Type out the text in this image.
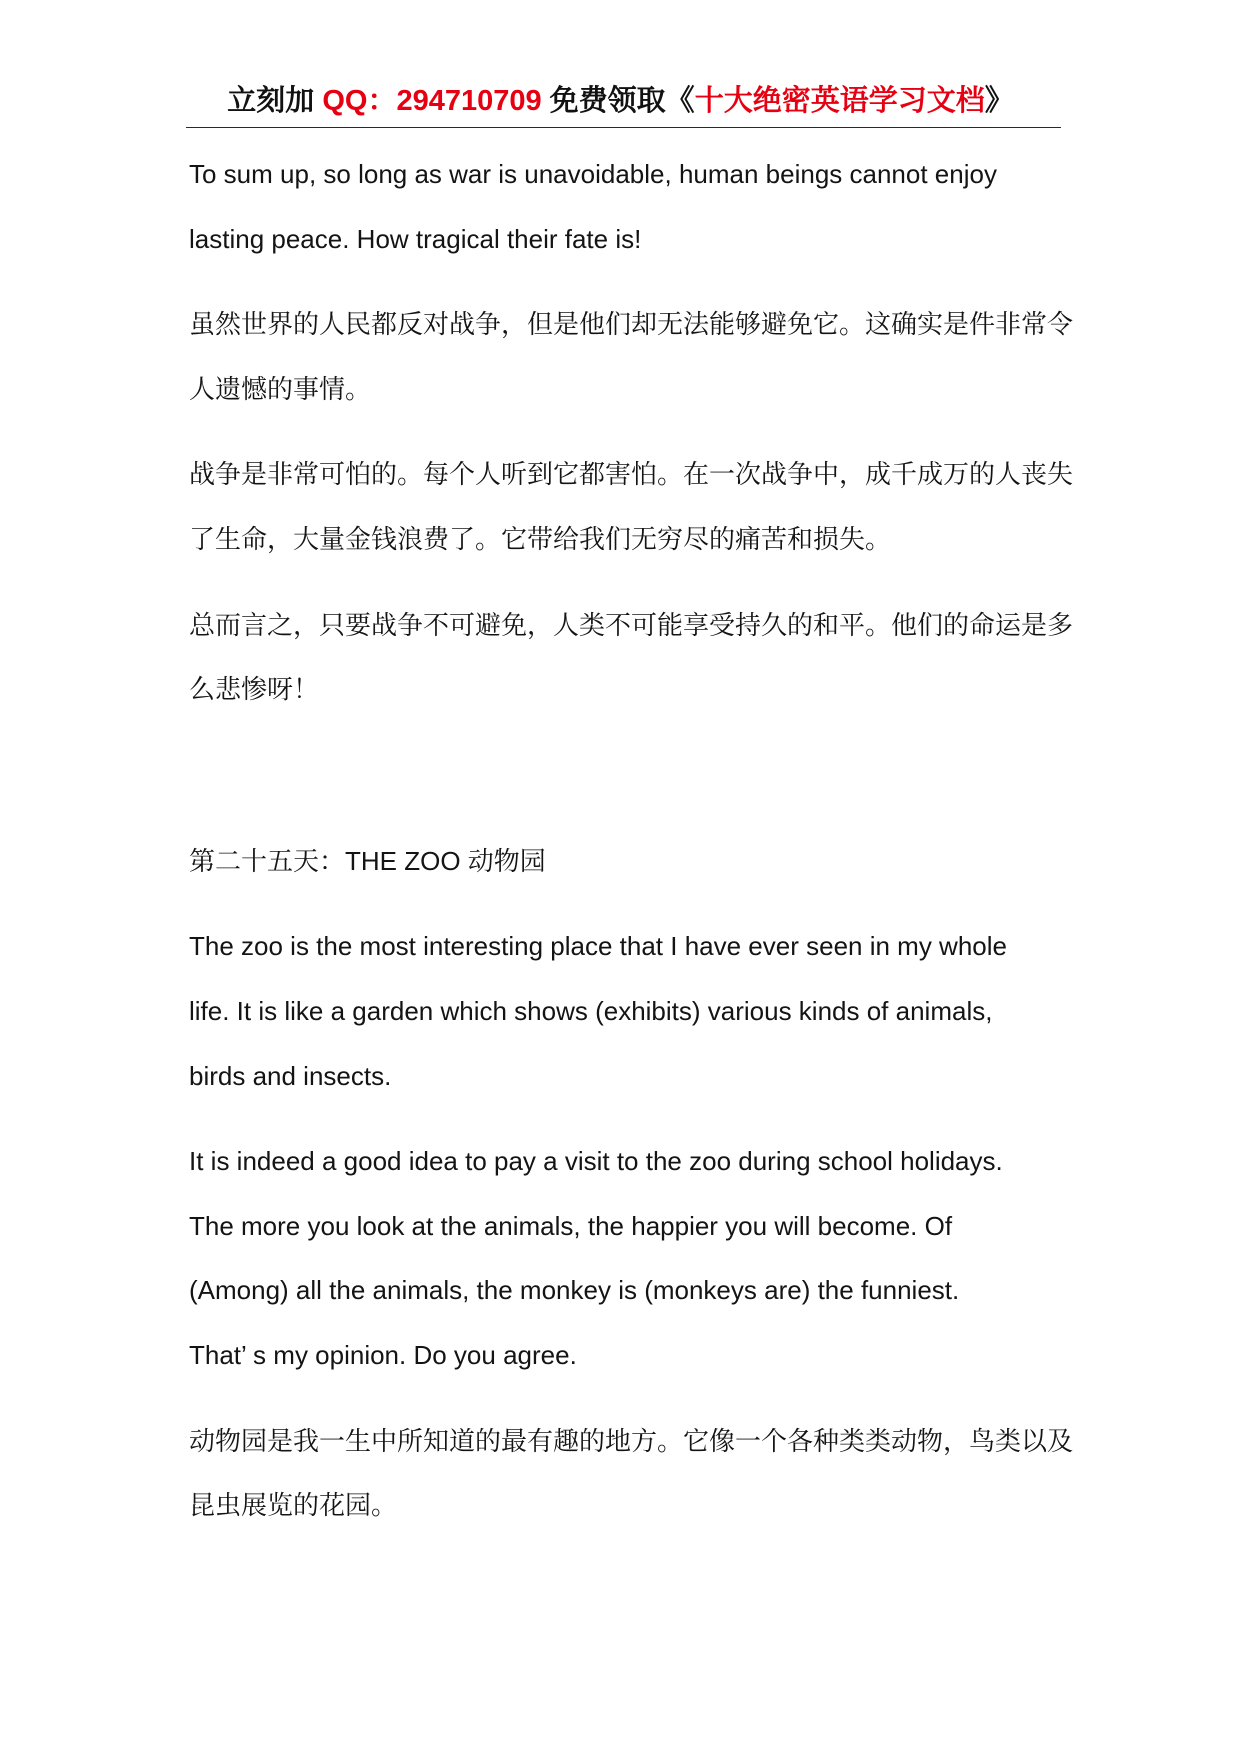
立刻加 QQ：294710709 免费领取《十大绝密英语学习文档》
To sum up, so long as war is unavoidable, human beings cannot enjoy
lasting peace. How tragical their fate is!
虽然世界的人民都反对战争，但是他们却无法能够避免它。这确实是件非常令
人遗憾的事情。
战争是非常可怕的。每个人听到它都害怕。在一次战争中，成千成万的人丧失
了生命，大量金钱浪费了。它带给我们无穷尽的痛苦和损失。
总而言之，只要战争不可避免，人类不可能享受持久的和平。他们的命运是多
么悲惨呀！
第二十五天：THE ZOO 动物园
The zoo is the most interesting place that I have ever seen in my whole
life. It is like a garden which shows (exhibits) various kinds of animals,
birds and insects.
It is indeed a good idea to pay a visit to the zoo during school holidays.
The more you look at the animals, the happier you will become. Of
(Among) all the animals, the monkey is (monkeys are) the funniest.
That’ s my opinion. Do you agree.
动物园是我一生中所知道的最有趣的地方。它像一个各种类类动物，鸟类以及
昆虫展览的花园。
